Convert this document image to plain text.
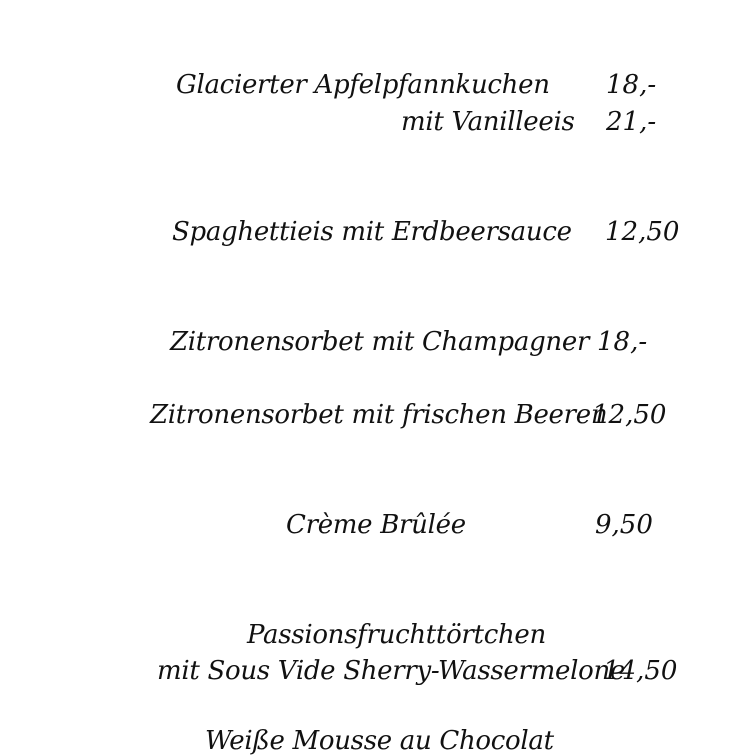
Glacierter Apfelpfannkuchen 18,-
mit Vanilleeis 21,-
Spaghettieis mit Erdbeersauce 12,50
Zitronensorbet mit Champagner 18,-
Zitronensorbet mit frischen Beeren
12,50
Crème Brûlée	9,50
Passionsfruchttörtchen
mit Sous Vide Sherry-Wassermelone
14,50
Weiße Mousse au Chocolat
